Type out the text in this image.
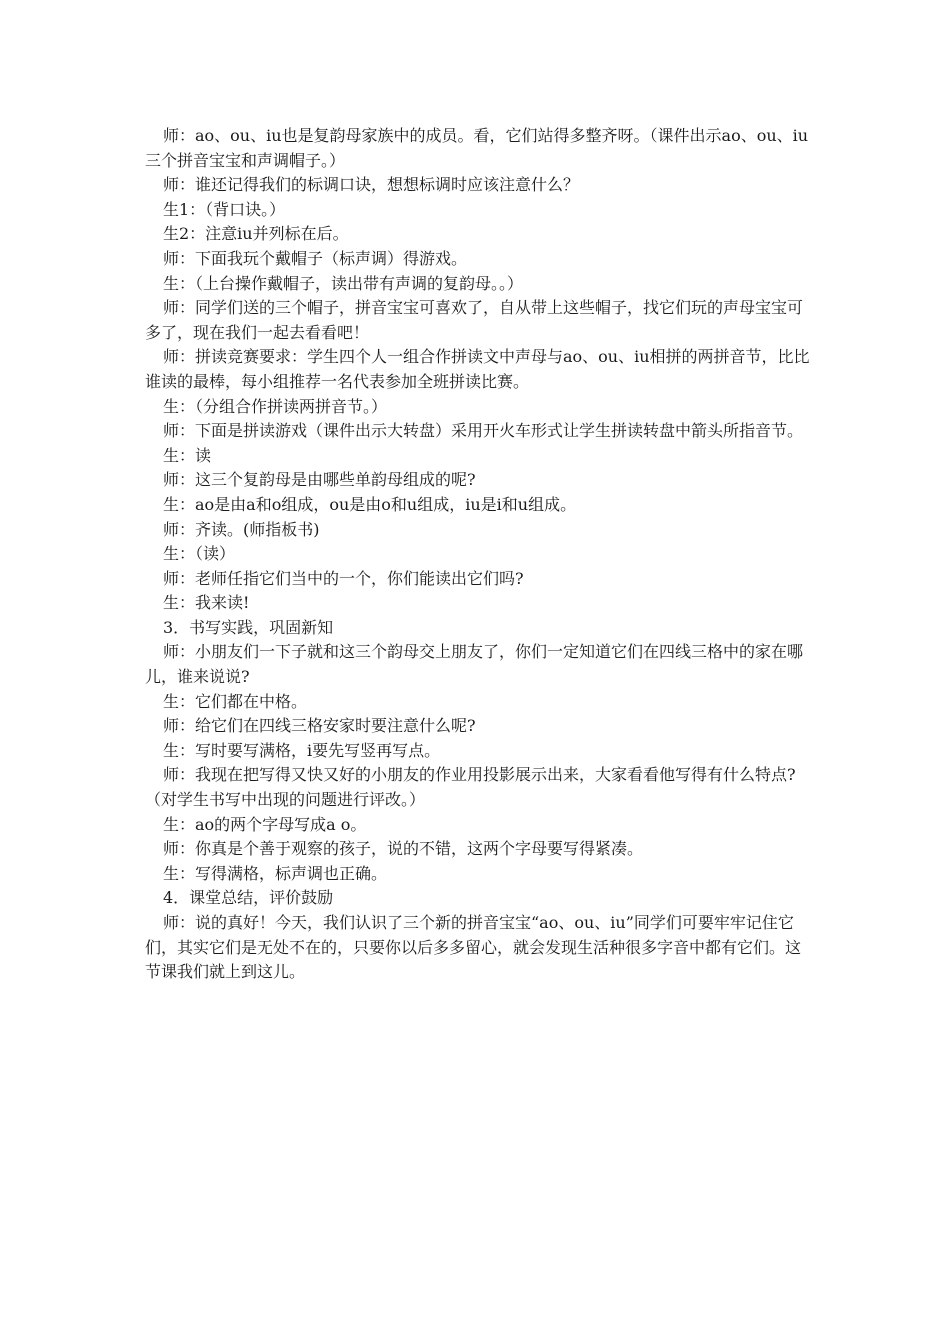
师：ao、ou、iu也是复韵母家族中的成员。看，它们站得多整齐呀。（课件出示ao、ou、iu三个拼音宝宝和声调帽子。）

师：谁还记得我们的标调口诀，想想标调时应该注意什么？

生1：（背口诀。）

生2：注意iu并列标在后。

师：下面我玩个戴帽子（标声调）得游戏。

生：（上台操作戴帽子，读出带有声调的复韵母。。）

师：同学们送的三个帽子，拼音宝宝可喜欢了，自从带上这些帽子，找它们玩的声母宝宝可多了，现在我们一起去看看吧！

师：拼读竞赛要求：学生四个人一组合作拼读文中声母与ao、ou、iu相拼的两拼音节，比比谁读的最棒，每小组推荐一名代表参加全班拼读比赛。

生：（分组合作拼读两拼音节。）

师：下面是拼读游戏（课件出示大转盘）采用开火车形式让学生拼读转盘中箭头所指音节。

生：读

师：这三个复韵母是由哪些单韵母组成的呢?

生：ao是由a和o组成，ou是由o和u组成，iu是i和u组成。

师：齐读。(师指板书)

生：（读）

师：老师任指它们当中的一个，你们能读出它们吗?

生：我来读!

3．书写实践，巩固新知

师：小朋友们一下子就和这三个韵母交上朋友了，你们一定知道它们在四线三格中的家在哪儿，谁来说说?

生：它们都在中格。

师：给它们在四线三格安家时要注意什么呢?

生：写时要写满格，i要先写竖再写点。

师：我现在把写得又快又好的小朋友的作业用投影展示出来，大家看看他写得有什么特点?（对学生书写中出现的问题进行评改。）

生：ao的两个字母写成a o。

师：你真是个善于观察的孩子，说的不错，这两个字母要写得紧凑。

生：写得满格，标声调也正确。

4．课堂总结，评价鼓励

师：说的真好！今天，我们认识了三个新的拼音宝宝“ao、ou、iu”同学们可要牢牢记住它们，其实它们是无处不在的，只要你以后多多留心，就会发现生活种很多字音中都有它们。这节课我们就上到这儿。
